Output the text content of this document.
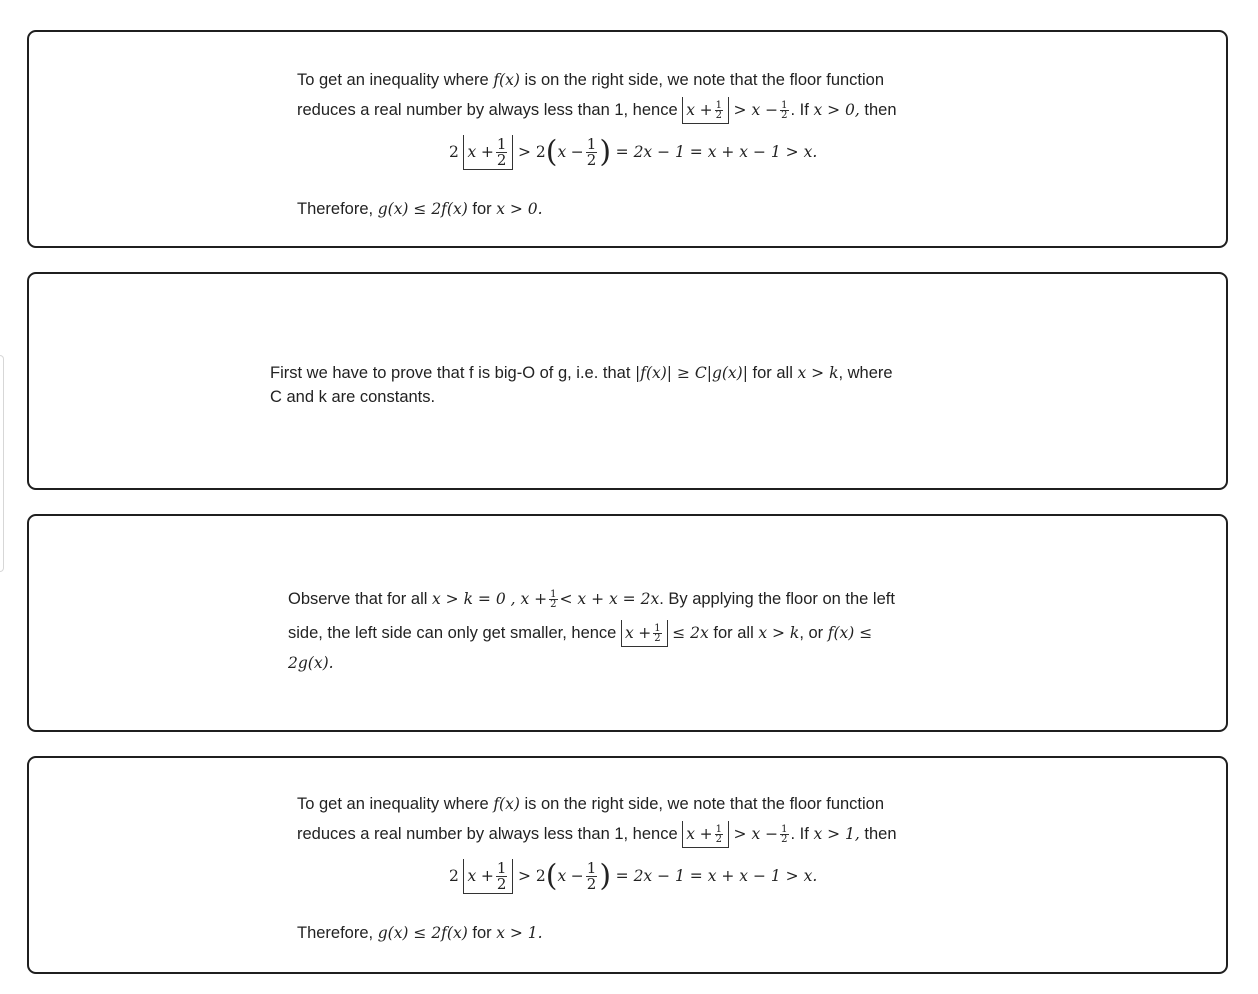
To get an inequality where f(x) is on the right side, we note that the floor function
reduces a real number by always less than 1, hence $x + \frac{1}{2} > x - \frac{1}{2}$ . If x > 0, then
2 $x + \frac{1}{2} > 2(x - \frac{1}{2}$ ) = 2x − 1 = x + x − 1 > x.
Therefore, g(x) ≤ 2f(x) for x > 0.
First we have to prove that f is big-O of g, i.e. that |f(x)| ≥ C|g(x)| for all x > k, where
C and k are constants.
Observe that for all x > k = 0 , $x + \frac{1}{2} < x + x = 2x$. By applying the floor on the left
side, the left side can only get smaller, hence $x + \frac{1}{2} \le 2x$ for all x > k, or f(x) ≤
2g(x).
To get an inequality where f(x) is on the right side, we note that the floor function
reduces a real number by always less than 1, hence $x + \frac{1}{2} > x - \frac{1}{2}$ . If x > 1, then
2 $x + \frac{1}{2} > 2(x - \frac{1}{2}$ ) = 2x − 1 = x + x − 1 > x.
Therefore, g(x) ≤ 2f(x) for x > 1.
